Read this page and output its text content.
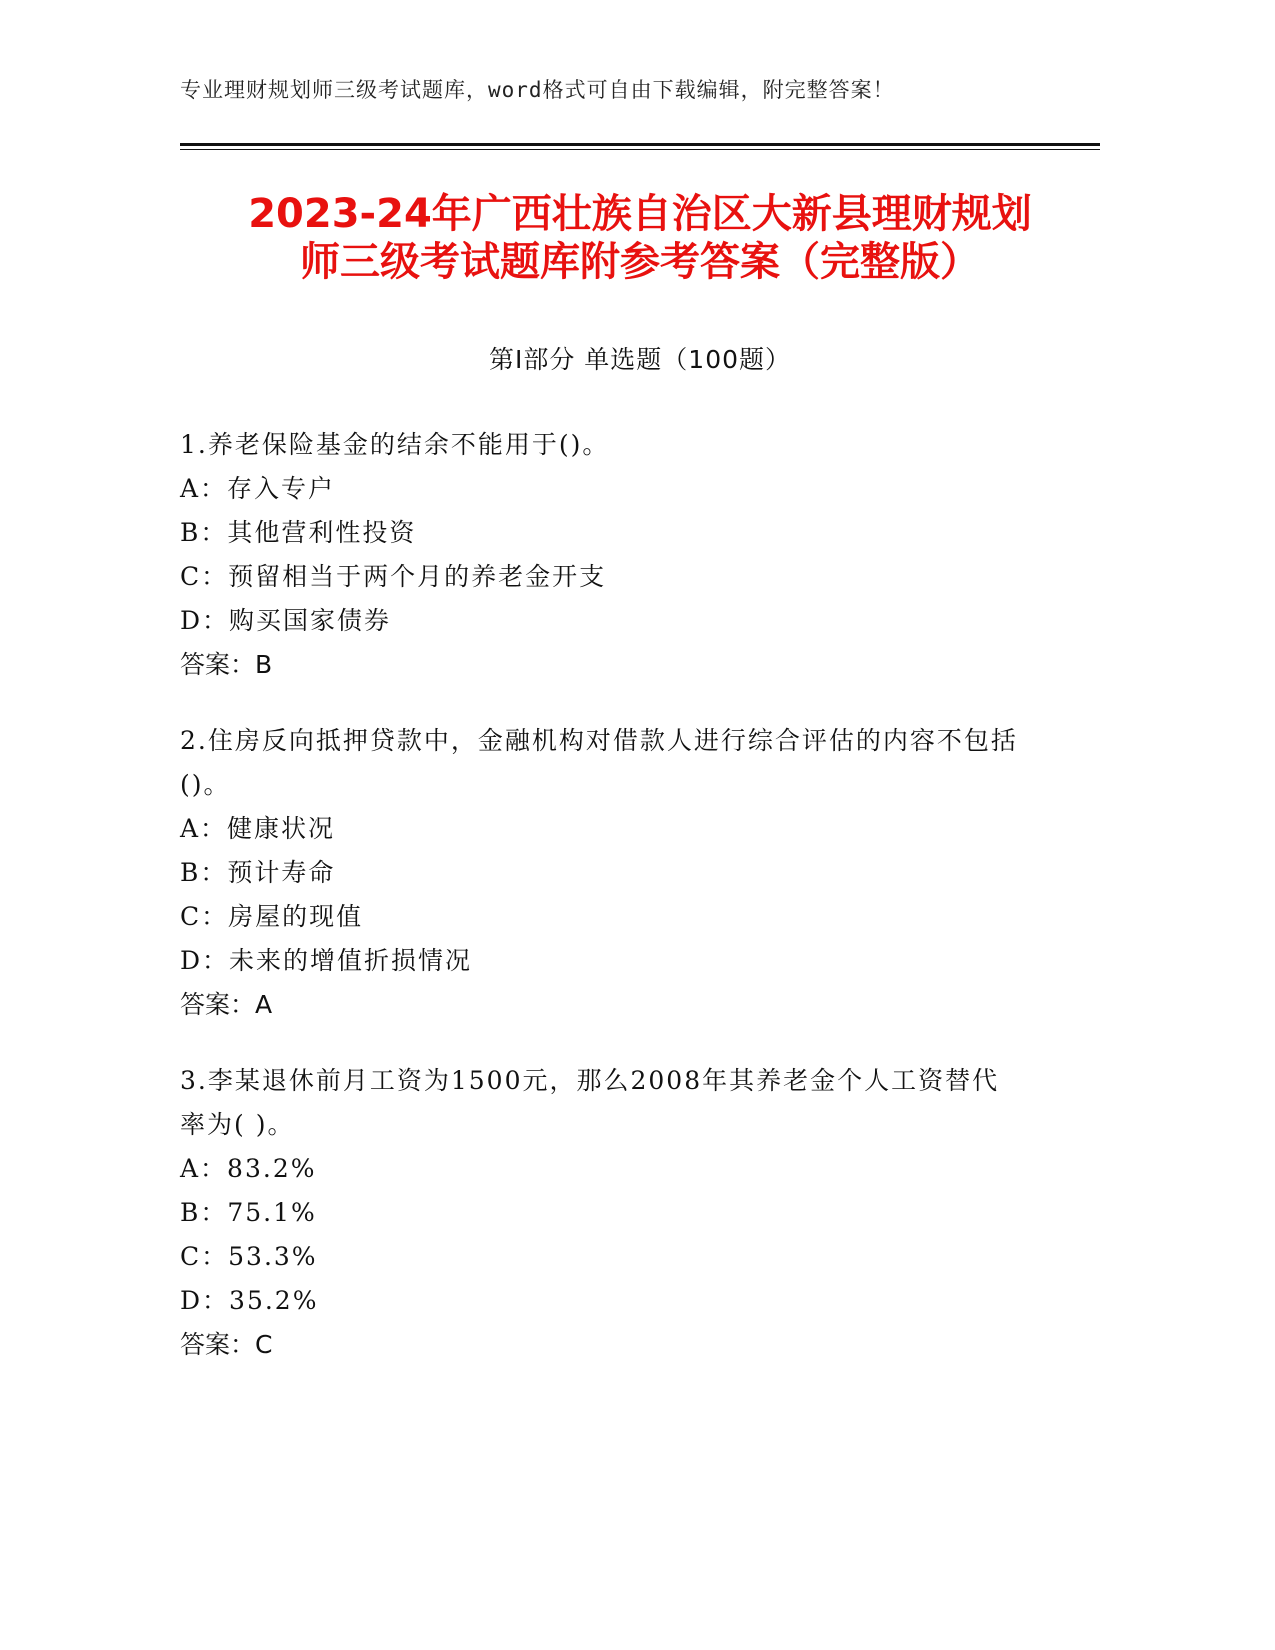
专业理财规划师三级考试题库，word格式可自由下载编辑，附完整答案！
2023-24年广西壮族自治区大新县理财规划
师三级考试题库附参考答案（完整版）
第Ⅰ部分 单选题（100题）

1.养老保险基金的结余不能用于()。

A：存入专户

B：其他营利性投资

C：预留相当于两个月的养老金开支

D：购买国家债券

答案：B

2.住房反向抵押贷款中，金融机构对借款人进行综合评估的内容不包括()。

A：健康状况

B：预计寿命

C：房屋的现值

D：未来的增值折损情况

答案：A

3.李某退休前月工资为1500元，那么2008年其养老金个人工资替代率为( )。

A：83.2%

B：75.1%

C：53.3%

D：35.2%

答案：C
